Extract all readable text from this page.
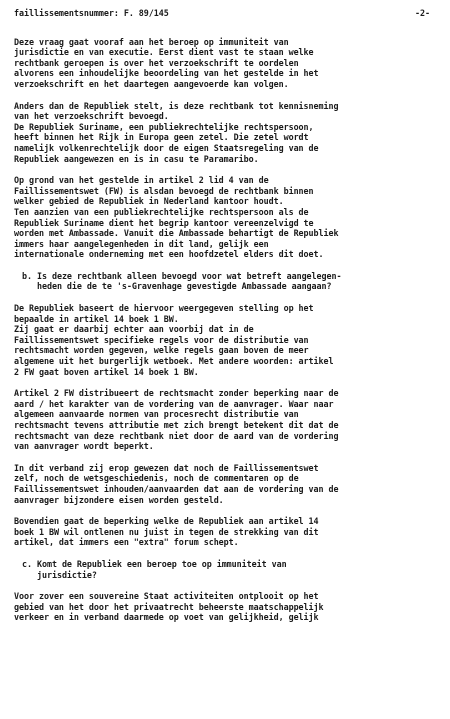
faillissementsnummer: F. 89/145	-2-

Deze vraag gaat vooraf aan het beroep op immuniteit van
jurisdictie en van executie. Eerst dient vast te staan welke
rechtbank geroepen is over het verzoekschrift te oordelen
alvorens een inhoudelijke beoordeling van het gestelde in het
verzoekschrift en het daartegen aangevoerde kan volgen.

Anders dan de Republiek stelt, is deze rechtbank tot kennisneming
van het verzoekschrift bevoegd.
De Republiek Suriname, een publiekrechtelijke rechtspersoon,
heeft binnen het Rijk in Europa geen zetel. Die zetel wordt
namelijk volkenrechtelijk door de eigen Staatsregeling van de
Republiek aangewezen en is in casu te Paramaribo.

Op grond van het gestelde in artikel 2 lid 4 van de
Faillissementswet (FW) is alsdan bevoegd de rechtbank binnen
welker gebied de Republiek in Nederland kantoor houdt.
Ten aanzien van een publiekrechtelijke rechtspersoon als de
Republiek Suriname dient het begrip kantoor vereenzelvigd te
worden met Ambassade. Vanuit die Ambassade behartigt de Republiek
immers haar aangelegenheden in dit land, gelijk een
internationale onderneming met een hoofdzetel elders dit doet.

b. Is deze rechtbank alleen bevoegd voor wat betreft aangelegen-
heden die de te 's-Gravenhage gevestigde Ambassade aangaan?

De Republiek baseert de hiervoor weergegeven stelling op het
bepaalde in artikel 14 boek 1 BW.
Zij gaat er daarbij echter aan voorbij dat in de
Faillissementswet specifieke regels voor de distributie van
rechtsmacht worden gegeven, welke regels gaan boven de meer
algemene uit het burgerlijk wetboek. Met andere woorden: artikel
2 FW gaat boven artikel 14 boek 1 BW.

Artikel 2 FW distribueert de rechtsmacht zonder beperking naar de
aard / het karakter van de vordering van de aanvrager. Waar naar
algemeen aanvaarde normen van procesrecht distributie van
rechtsmacht tevens attributie met zich brengt betekent dit dat de
rechtsmacht van deze rechtbank niet door de aard van de vordering
van aanvrager wordt beperkt.

In dit verband zij erop gewezen dat noch de Faillissementswet
zelf, noch de wetsgeschiedenis, noch de commentaren op de
Faillissementswet inhouden/aanvaarden dat aan de vordering van de
aanvrager bijzondere eisen worden gesteld.

Bovendien gaat de beperking welke de Republiek aan artikel 14
boek 1 BW wil ontlenen nu juist in tegen de strekking van dit
artikel, dat immers een "extra" forum schept.

c. Komt de Republiek een beroep toe op immuniteit van
jurisdictie?

Voor zover een souvereine Staat activiteiten ontplooit op het
gebied van het door het privaatrecht beheerste maatschappelijk
verkeer en in verband daarmede op voet van gelijkheid, gelijk
